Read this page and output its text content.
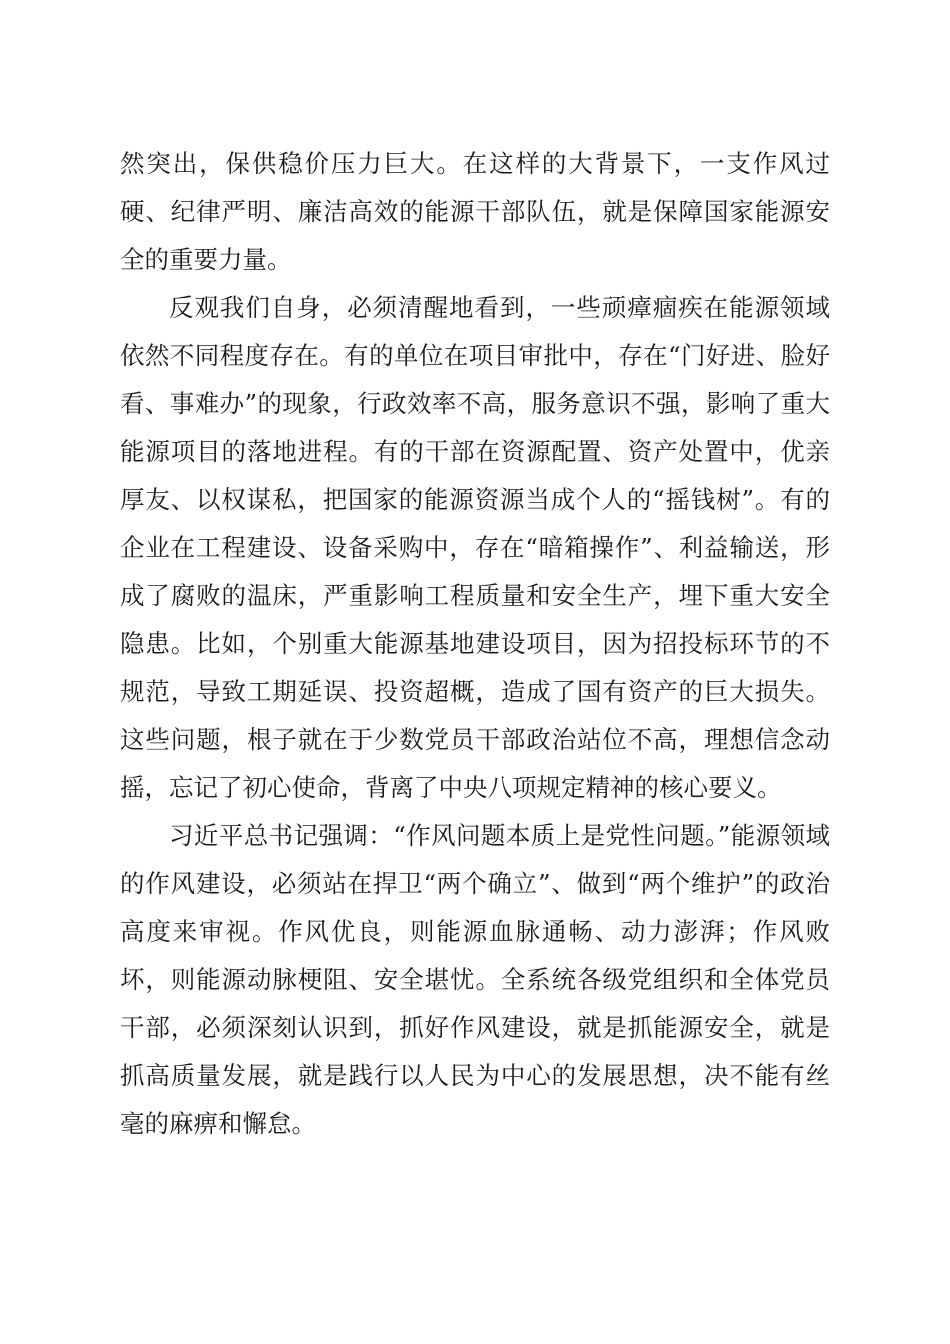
然突出，保供稳价压力巨大。在这样的大背景下，一支作风过硬、纪律严明、廉洁高效的能源干部队伍，就是保障国家能源安全的重要力量。

反观我们自身，必须清醒地看到，一些顽瘴痼疾在能源领域依然不同程度存在。有的单位在项目审批中，存在“门好进、脸好看、事难办”的现象，行政效率不高，服务意识不强，影响了重大能源项目的落地进程。有的干部在资源配置、资产处置中，优亲厚友、以权谋私，把国家的能源资源当成个人的“摇钱树”。有的企业在工程建设、设备采购中，存在“暗箱操作”、利益输送，形成了腐败的温床，严重影响工程质量和安全生产，埋下重大安全隐患。比如，个别重大能源基地建设项目，因为招投标环节的不规范，导致工期延误、投资超概，造成了国有资产的巨大损失。这些问题，根子就在于少数党员干部政治站位不高，理想信念动摇，忘记了初心使命，背离了中央八项规定精神的核心要义。

习近平总书记强调：“作风问题本质上是党性问题。”能源领域的作风建设，必须站在捍卫“两个确立”、做到“两个维护”的政治高度来审视。作风优良，则能源血脉通畅、动力澎湃；作风败坏，则能源动脉梗阻、安全堪忧。全系统各级党组织和全体党员干部，必须深刻认识到，抓好作风建设，就是抓能源安全，就是抓高质量发展，就是践行以人民为中心的发展思想，决不能有丝毫的麻痹和懈怠。
